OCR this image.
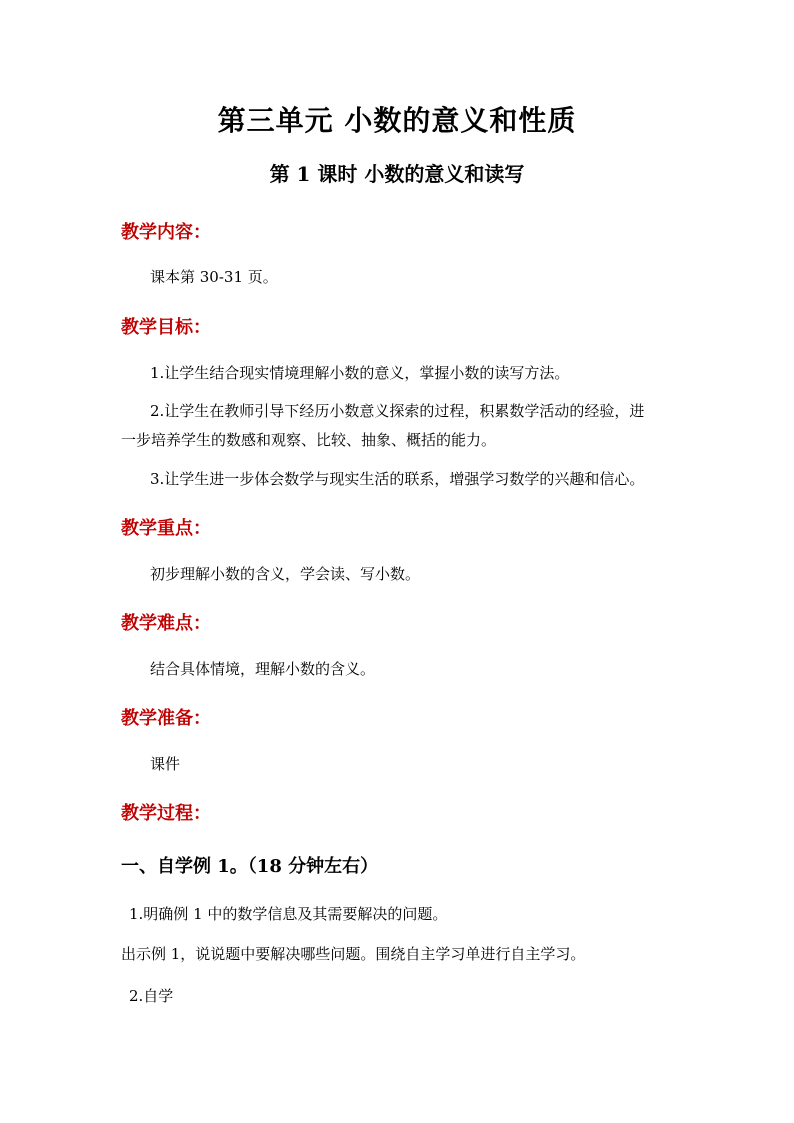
第三单元 小数的意义和性质
第 1 课时 小数的意义和读写
教学内容：
课本第 30-31 页。
教学目标：
1.让学生结合现实情境理解小数的意义，掌握小数的读写方法。
2.让学生在教师引导下经历小数意义探索的过程，积累数学活动的经验，进
一步培养学生的数感和观察、比较、抽象、概括的能力。
3.让学生进一步体会数学与现实生活的联系，增强学习数学的兴趣和信心。
教学重点：
初步理解小数的含义，学会读、写小数。
教学难点：
结合具体情境，理解小数的含义。
教学准备：
课件
教学过程：
一、自学例 1。（18 分钟左右）
1.明确例 1 中的数学信息及其需要解决的问题。
出示例 1，说说题中要解决哪些问题。围绕自主学习单进行自主学习。
2.自学
